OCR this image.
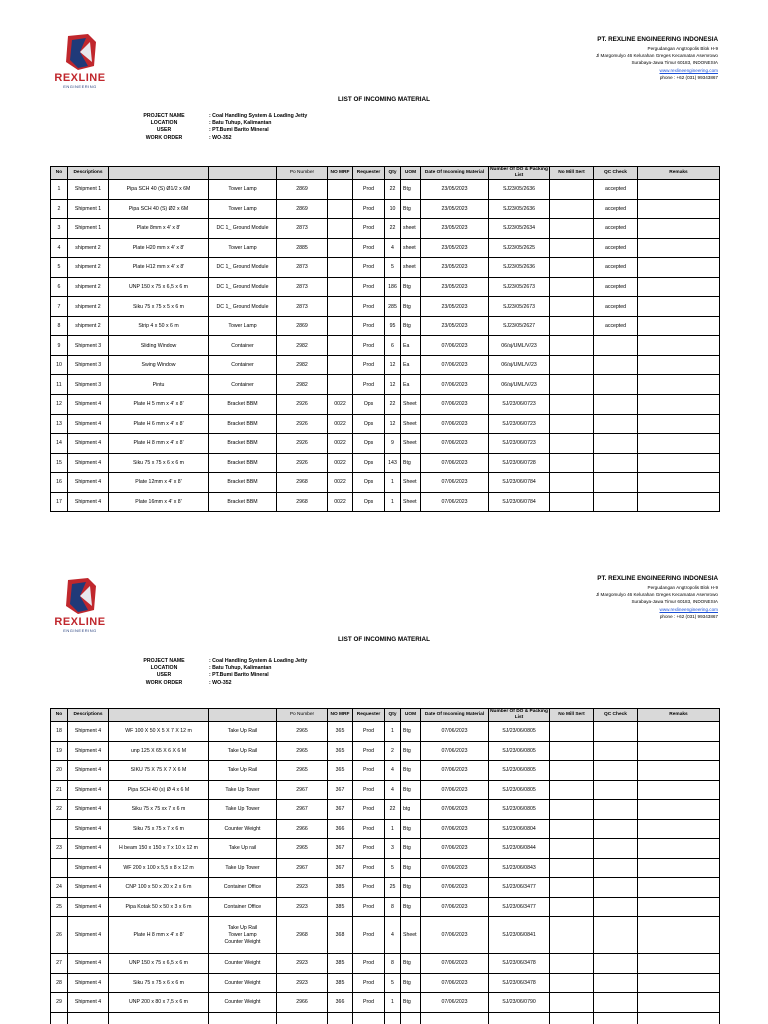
REXLINE
ENGINEERING
PT. REXLINE ENGINEERING INDONESIA
Pergudangan Angtropolis Blok H-9
Jl Margomulyo 46 Kelurahan Greges Kecamatan Asemrowo
Surabaya-Jawa Timur 60183, INDONESIA
www.rexlineengineering.com
phone : +62 (031) 99343867
LIST OF INCOMING MATERIAL
PROJECT NAME	: Coal Handling System & Loading Jetty
LOCATION	: Batu Tuhup, Kalimantan
USER	: PT.Bumi Barito Mineral
WORK ORDER	: WO-352
No	Descriptions			Po Number	NO MRF	Requester	Qty	UOM	Date Of Incoming Material	Number Of DO & Packing List	No Mill Sert	QC Check	Remaks
1	Shipment 1	Pipa SCH 40 (S) Ø1/2 x 6M	Tower Lamp	2869		Prod	22	Btg	23/05/2023	SJ23/05/2636		accepted	
2	Shipment 1	Pipa SCH 40 (S) Ø2 x 6M	Tower Lamp	2869		Prod	10	Btg	23/05/2023	SJ23/05/2636		accepted	
3	Shipment 1	Plate 8mm x 4' x 8'	DC 1_ Ground Module	2873		Prod	22	sheet	23/05/2023	SJ23/05/2634		accepted	
4	shipment 2	Plate H20 mm x 4' x 8'	Tower Lamp	2885		Prod	4	sheet	23/05/2023	SJ23/05/2625		accepted	
5	shipment 2	Plate H12 mm x 4' x 8'	DC 1_ Ground Module	2873		Prod	5	sheet	23/05/2023	SJ23/05/2636		accepted	
6	shipment 2	UNP 150 x 75 x 6,5 x 6 m	DC 1_ Ground Module	2873		Prod	186	Btg	23/05/2023	SJ23/05/2673		accepted	
7	shipment 2	Siku 75 x 75 x 5 x 6 m	DC 1_ Ground Module	2873		Prod	285	Btg	23/05/2023	SJ23/05/2673		accepted	
8	shipment 2	Strip 4 x 50 x 6 m	Tower Lamp	2869		Prod	95	Btg	23/05/2023	SJ23/05/2627		accepted	
9	Shipment 3	Sliding Window	Container	2982		Prod	6	Ea	07/06/2023	06/sj/UML/V/23			
10	Shipment 3	Swing Window	Container	2982		Prod	12	Ea	07/06/2023	06/sj/UML/V/23			
11	Shipment 3	Pintu	Container	2982		Prod	12	Ea	07/06/2023	06/sj/UML/V/23			
12	Shipment 4	Plate H 5 mm x 4' x 8'	Bracket BBM	2926	0022	Ops	22	Sheet	07/06/2023	SJ/23/06/0723			
13	Shipment 4	Plate H 6 mm x 4' x 8'	Bracket BBM	2926	0022	Ops	12	Sheet	07/06/2023	SJ/23/06/0723			
14	Shipment 4	Plate H 8 mm x 4' x 8'	Bracket BBM	2926	0022	Ops	9	Sheet	07/06/2023	SJ/23/06/0723			
15	Shipment 4	Siku 75 x 75 x 6 x 6 m	Bracket BBM	2926	0022	Ops	143	Btg	07/06/2023	SJ/23/06/0728			
16	Shipment 4	Plate 12mm x 4' x 8'	Bracket BBM	2968	0022	Ops	1	Sheet	07/06/2023	SJ/23/06/0784			
17	Shipment 4	Plate 16mm x 4' x 8'	Bracket BBM	2968	0022	Ops	1	Sheet	07/06/2023	SJ/23/06/0784			
REXLINE
ENGINEERING
PT. REXLINE ENGINEERING INDONESIA
Pergudangan Angtropolis Blok H-9
Jl Margomulyo 46 Kelurahan Greges Kecamatan Asemrowo
Surabaya-Jawa Timur 60183, INDONESIA
www.rexlineengineering.com
phone : +62 (031) 99343867
LIST OF INCOMING MATERIAL
PROJECT NAME	: Coal Handling System & Loading Jetty
LOCATION	: Batu Tuhup, Kalimantan
USER	: PT.Bumi Barito Mineral
WORK ORDER	: WO-352
No	Descriptions			Po Number	NO MRF	Requester	Qty	UOM	Date Of Incoming Material	Number Of DO & Packing List	No Mill Sert	QC Check	Remaks
18	Shipment 4	WF 100 X 50 X 5 X 7 X 12 m	Take Up Rail	2965	365	Prod	1	Btg	07/06/2023	SJ/23/06/0805			
19	Shipment 4	unp 125 X 65 X 6 X 6 M	Take Up Rail	2965	365	Prod	2	Btg	07/06/2023	SJ/23/06/0805			
20	Shipment 4	SIKU 75 X 75 X 7 X 6 M	Take Up Rail	2965	365	Prod	4	Btg	07/06/2023	SJ/23/06/0805			
21	Shipment 4	Pipa SCH 40 (s) Ø 4 x 6 M	Take Up Tower	2967	367	Prod	4	Btg	07/06/2023	SJ/23/06/0805			
22	Shipment 4	Siku 75 x 75 xx 7 x 6 m	Take Up Tower	2967	367	Prod	22	btg	07/06/2023	SJ/23/06/0805			
	Shipment 4	Siku 75 x 75 x 7 x 6 m	Counter Weight	2966	366	Prod	1	Btg	07/06/2023	SJ/23/06/0804			
23	Shipment 4	H beam 150 x 150 x 7 x 10 x 12 m	Take Up rail	2965	367	Prod	3	Btg	07/06/2023	SJ/23/06/0844			
	Shipment 4	WF 200 x 100 x 5,5 x 8 x 12 m	Take Up Tower	2967	367	Prod	5	Btg	07/06/2023	SJ/23/06/0843			
24	Shipment 4	CNP 100 x 50 x 20 x 2 x 6 m	Container Office	2923	385	Prod	25	Btg	07/06/2023	SJ/23/06/3477			
25	Shipment 4	Pipa Kotak 50 x 50 x 3 x 6 m	Container Office	2923	385	Prod	8	Btg	07/06/2023	SJ/23/06/3477			
26	Shipment 4	Plate H 8 mm x 4' x 8'	Take Up Rail
Tower Lamp
Counter Weight	2968	368	Prod	4	Sheet	07/06/2023	SJ/23/06/0841			
27	Shipment 4	UNP 150 x 75 x 6,5 x 6 m	Counter Weight	2923	385	Prod	8	Btg	07/06/2023	SJ/23/06/3478			
28	Shipment 4	Siku 75 x 75 x 6 x 6 m	Counter Weight	2923	385	Prod	5	Btg	07/06/2023	SJ/23/06/3478			
29	Shipment 4	UNP 200 x 80 x 7,5 x 6 m	Counter Weight	2966	366	Prod	1	Btg	07/06/2023	SJ/23/06/0790			
